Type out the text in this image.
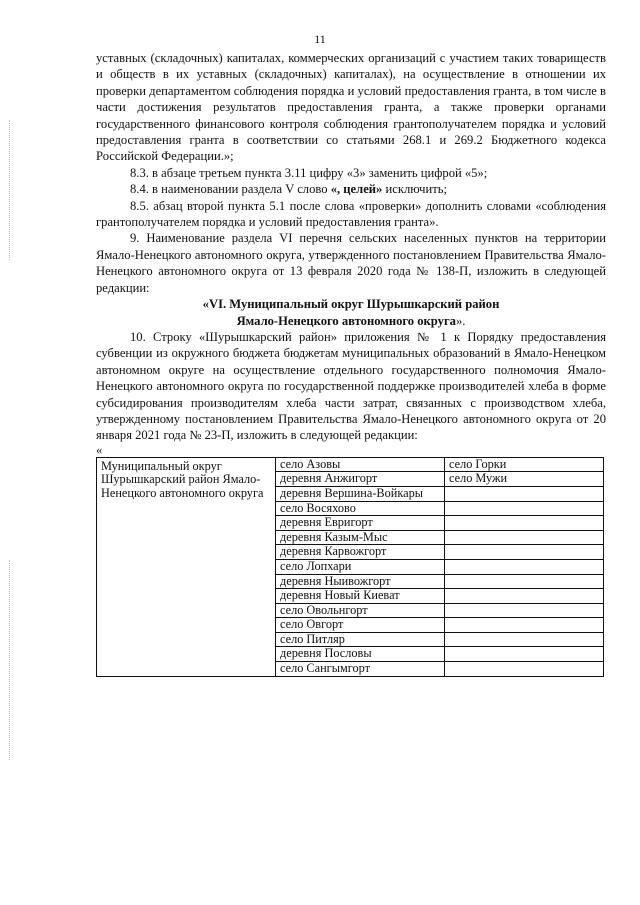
11

уставных (складочных) капиталах, коммерческих организаций с участием таких товариществ и обществ в их уставных (складочных) капиталах), на осуществление в отношении их проверки департаментом соблюдения порядка и условий предоставления гранта, в том числе в части достижения результатов предоставления гранта, а также проверки органами государственного финансового контроля соблюдения грантополучателем порядка и условий предоставления гранта в соответствии со статьями 268.1 и 269.2 Бюджетного кодекса Российской Федерации.»;

8.3. в абзаце третьем пункта 3.11 цифру «3» заменить цифрой «5»;

8.4. в наименовании раздела V слово «, целей» исключить;

8.5. абзац второй пункта 5.1 после слова «проверки» дополнить словами «соблюдения грантополучателем порядка и условий предоставления гранта».

9. Наименование раздела VI перечня сельских населенных пунктов на территории Ямало-Ненецкого автономного округа, утвержденного постановлением Правительства Ямало-Ненецкого автономного округа от 13 февраля 2020 года № 138-П, изложить в следующей редакции:

«VI. Муниципальный округ Шурышкарский район

Ямало-Ненецкого автономного округа».

10. Строку «Шурышкарский район» приложения № 1 к Порядку предоставления субвенции из окружного бюджета бюджетам муниципальных образований в Ямало-Ненецком автономном округе на осуществление отдельного государственного полномочия Ямало-Ненецкого автономного округа по государственной поддержке производителей хлеба в форме субсидирования производителям хлеба части затрат, связанных с производством хлеба, утвержденному постановлением Правительства Ямало-Ненецкого автономного округа от 20 января 2021 года № 23-П, изложить в следующей редакции:

«

Муниципальный округ Шурышкарский район Ямало-Ненецкого автономного округа	село Азовы	село Горки
	деревня Анжигорт	село Мужи
	деревня Вершина-Войкары	
	село Восяхово	
	деревня Евригорт	
	деревня Казым-Мыс	
	деревня Карвожгорт	
	село Лопхари	
	деревня Ныивожгорт	
	деревня Новый Киеват	
	село Овольнгорт	
	село Овгорт	
	село Питляр	
	деревня Пословы	
	село Сангымгорт	
